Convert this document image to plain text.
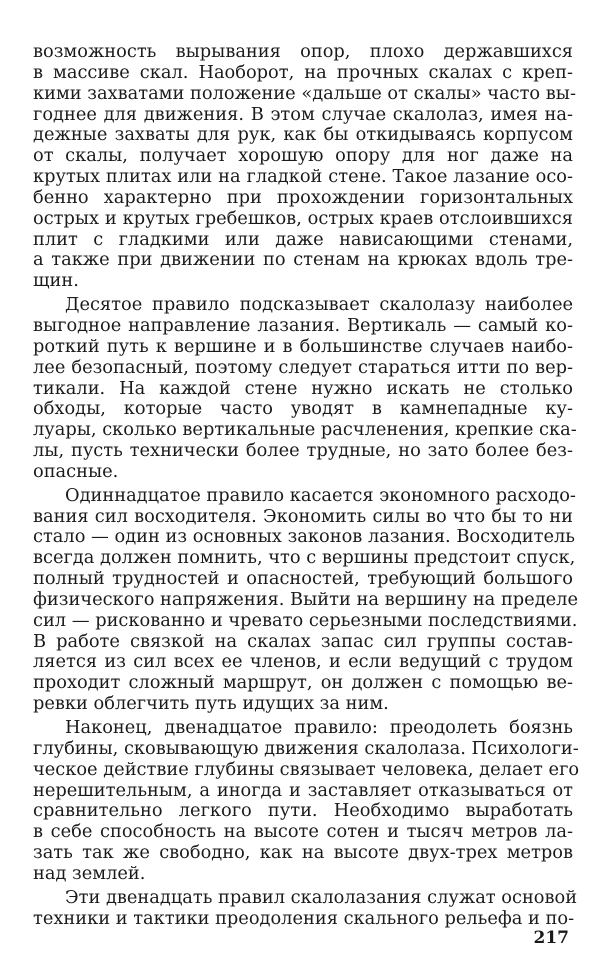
возможность вырывания опор, плохо державшихся
в массиве скал. Наоборот, на прочных скалах с креп-
кими захватами положение «дальше от скалы» часто вы-
годнее для движения. В этом случае скалолаз, имея на-
дежные захваты для рук, как бы откидываясь корпусом
от скалы, получает хорошую опору для ног даже на
крутых плитах или на гладкой стене. Такое лазание осо-
бенно характерно при прохождении горизонтальных
острых и крутых гребешков, острых краев отслоившихся
плит с гладкими или даже нависающими стенами,
а также при движении по стенам на крюках вдоль тре-
щин.
Десятое правило подсказывает скалолазу наиболее
выгодное направление лазания. Вертикаль — самый ко-
роткий путь к вершине и в большинстве случаев наибо-
лее безопасный, поэтому следует стараться итти по вер-
тикали. На каждой стене нужно искать не столько
обходы, которые часто уводят в камнепадные ку-
луары, сколько вертикальные расчленения, крепкие ска-
лы, пусть технически более трудные, но зато более без-
опасные.
Одиннадцатое правило касается экономного расходо-
вания сил восходителя. Экономить силы во что бы то ни
стало — один из основных законов лазания. Восходитель
всегда должен помнить, что с вершины предстоит спуск,
полный трудностей и опасностей, требующий большого
физического напряжения. Выйти на вершину на пределе
сил — рискованно и чревато серьезными последствиями.
В работе связкой на скалах запас сил группы состав-
ляется из сил всех ее членов, и если ведущий с трудом
проходит сложный маршрут, он должен с помощью ве-
ревки облегчить путь идущих за ним.
Наконец, двенадцатое правило: преодолеть боязнь
глубины, сковывающую движения скалолаза. Психологи-
ческое действие глубины связывает человека, делает его
нерешительным, а иногда и заставляет отказываться от
сравнительно легкого пути. Необходимо выработать
в себе способность на высоте сотен и тысяч метров ла-
зать так же свободно, как на высоте двух-трех метров
над землей.
Эти двенадцать правил скалолазания служат основой
техники и тактики преодоления скального рельефа и по-
217
